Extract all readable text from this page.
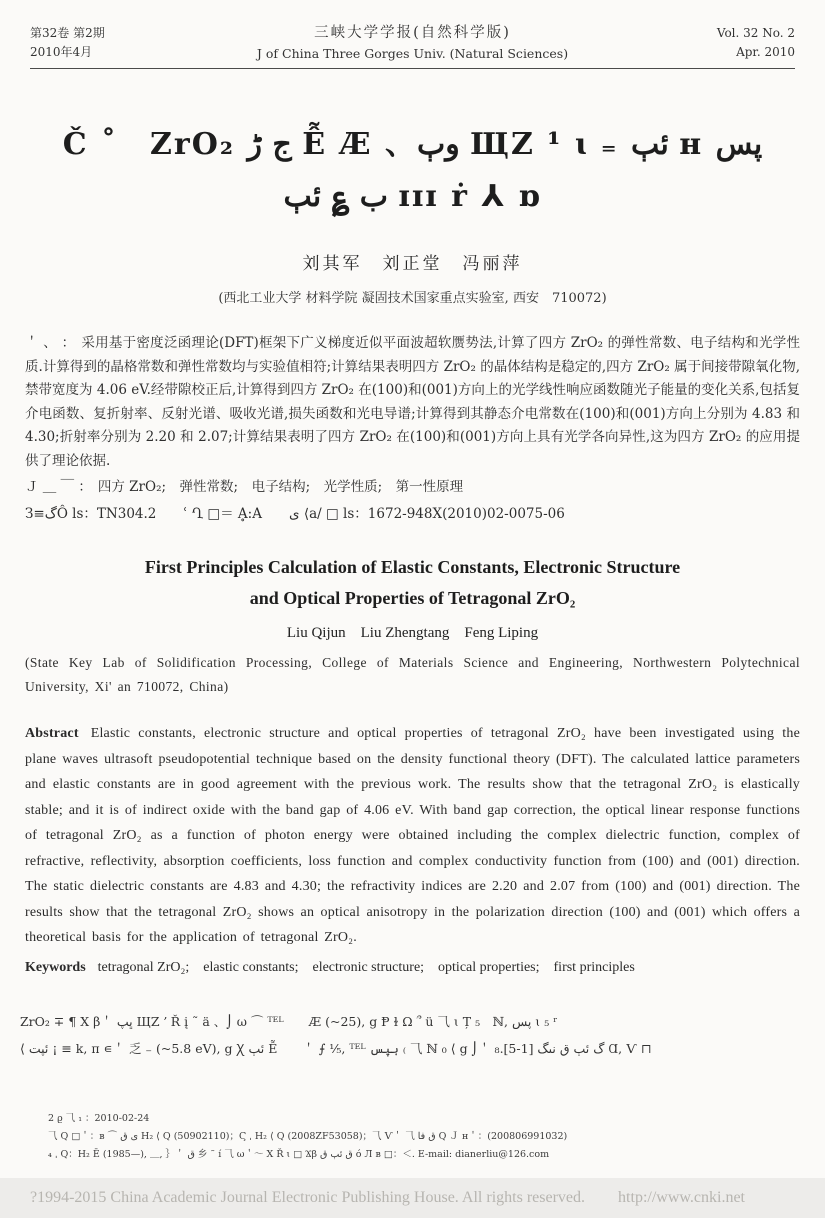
第32卷 第2期
2010年4月
三峡大学学报(自然科学版)
J of China Three Gorges Univ. (Natural Sciences)
Vol. 32 No. 2
Apr. 2010
Č ˚　ZrO₂ ج ڑ Ễ Æ 、وٻ ЩZ ¹ ɩ ₌ ئٻ ʜ پس
ب ؏ ئٻ ɪɪɪ ṙ ⅄ ɒ
刘其军　刘正堂　冯丽萍
(西北工业大学 材料学院 凝固技术国家重点实验室, 西安　710072)

＇ 、 ： 采用基于密度泛函理论(DFT)框架下广义梯度近似平面波超软赝势法,计算了四方 ZrO₂ 的弹性常数、电子结构和光学性质.计算得到的晶格常数和弹性常数均与实验值相符;计算结果表明四方 ZrO₂ 的晶体结构是稳定的,四方 ZrO₂ 属于间接带隙氧化物,禁带宽度为 4.06 eV.经带隙校正后,计算得到四方 ZrO₂ 在(100)和(001)方向上的光学线性响应函数随光子能量的变化关系,包括复介电函数、复折射率、反射光谱、吸收光谱,损失函数和光电导谱;计算得到其静态介电常数在(100)和(001)方向上分别为 4.83 和 4.30;折射率分别为 2.20 和 2.07;计算结果表明了四方 ZrO₂ 在(100)和(001)方向上具有光学各向异性,这为四方 ZrO₂ 的应用提供了理论依据.

Ｊ ＿ ￣ ： 四方 ZrO₂;　弹性常数;　电子结构;　光学性质;　第一性原理

З≡گÔ ls：TN304.2　　ՙ Ղ □＝ Ḁ:A　　ى ⟨a/ □ ls：1672-948X(2010)02-0075-06

First Principles Calculation of Elastic Constants, Electronic Structure
and Optical Properties of Tetragonal ZrO₂
Liu Qijun　Liu Zhengtang　Feng Liping

(State Key Lab of Solidification Processing, College of Materials Science and Engineering, Northwestern Polytechnical University, Xi' an 710072, China)

Abstract Elastic constants, electronic structure and optical properties of tetragonal ZrO₂ have been investigated using the plane waves ultrasoft pseudopotential technique based on the density functional theory (DFT). The calculated lattice parameters and elastic constants are in good agreement with the previous work. The results show that the tetragonal ZrO₂ is elastically stable; and it is of indirect oxide with the band gap of 4.06 eV. With band gap correction, the optical linear response functions of tetragonal ZrO₂ as a function of photon energy were obtained including the complex dielectric function, complex of refractive, reflectivity, absorption coefficients, loss function and complex conductivity function from (100) and (001) direction. The static dielectric constants are 4.83 and 4.30; the refractivity indices are 2.20 and 2.07 from (100) and (001) direction. The results show that the tetragonal ZrO₂ shows an optical anisotropy in the polarization direction (100) and (001) which offers a theoretical basis for the application of tetragonal ZrO₂.

Keywords tetragonal ZrO₂;　elastic constants;　electronic structure;　optical properties;　first principles

ZrO₂ ∓ ¶ Χ β＇ ڀپ ЩZ ՚ Ř į ˜ ä 、⌡ ω ⌒ ᵀᴱᴸ　　Æ (~25), g Ᵽ ɫ Ω ՞ ü ⺄ ɩ Ț ₅　ℕ, پس ɩ ₅ ʳ
⟨ ئپت ¡ ≡ k, π ∊＇ 乏 ₋ (~5.8 eV), g Ꭓ ئٻ Ễ　　＇ ⨍ ⅕, ᵀᴱᴸ ہپس ₍ ⺄ ℕ ₀ ⟨ g ⌡＇ گ ئٻ ق نىگ [1-5].₈ Ɑ, Ѵ ⊓
2 ϱ ⺄ ₁ ：2010-02-24
⺄ Q □＇：в ⌒ ى ق H₂ ⟨ Q (50902110)；Ϛ ˌ H₂ ⟨ Q (2008ZF53058)；⺄ Ѵ＇ ⺄ ق فا Q Ｊ ʜ＇：(200806991032)
₄ ˌ Q：Н₂ Ē (1985—), ＿, ｝＇ ق 乡 ˜ í ⺄ ω＇～ Χ Ř ɩ □ Ϫβ ق ئٻ ق ó Л в □：＜. E-mail: dianerliu@126.com
?1994-2015 China Academic Journal Electronic Publishing House. All rights reserved. http://www.cnki.net
